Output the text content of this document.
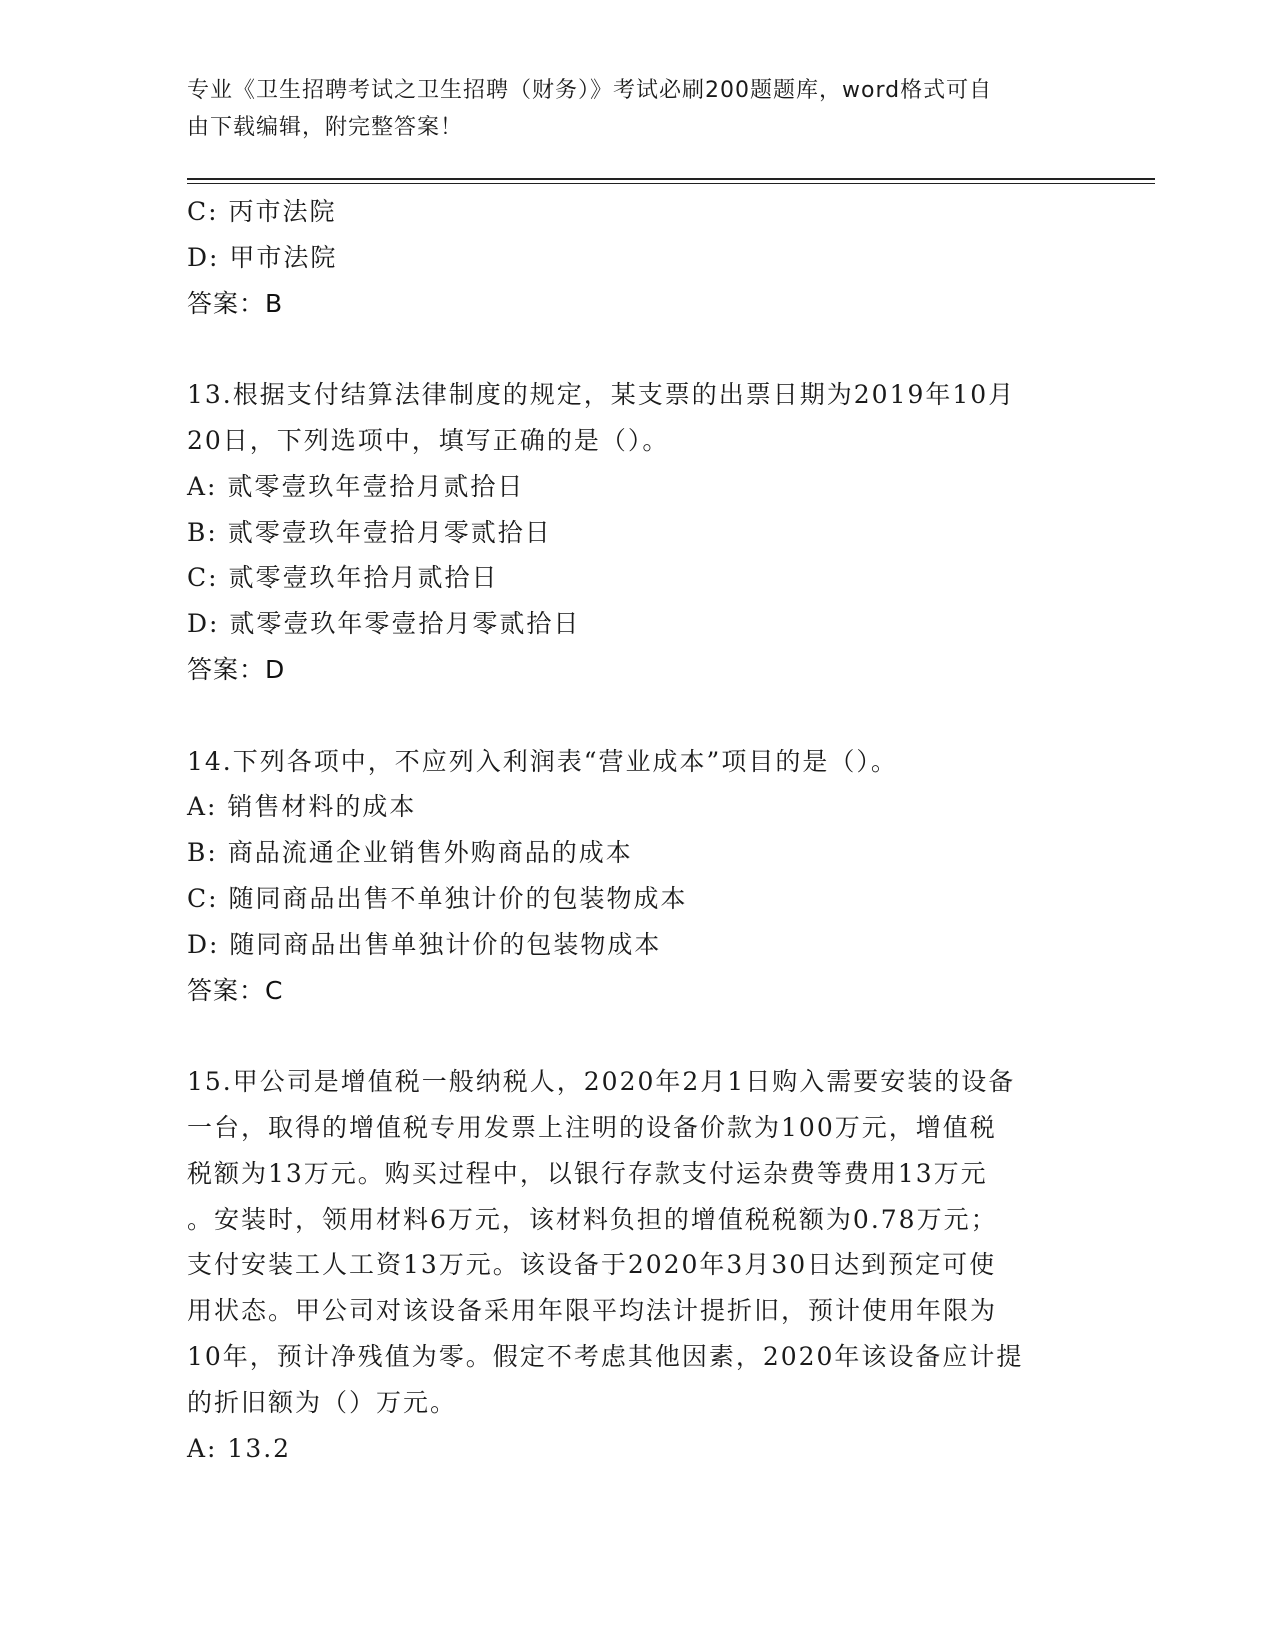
专业《卫生招聘考试之卫生招聘（财务）》考试必刷200题题库，word格式可自
由下载编辑，附完整答案！
C: 丙市法院
D: 甲市法院
答案：B
13.根据支付结算法律制度的规定，某支票的出票日期为2019年10月
20日，下列选项中，填写正确的是（）。
A: 贰零壹玖年壹拾月贰拾日
B: 贰零壹玖年壹拾月零贰拾日
C: 贰零壹玖年拾月贰拾日
D: 贰零壹玖年零壹拾月零贰拾日
答案：D
14.下列各项中，不应列入利润表“营业成本”项目的是（）。
A: 销售材料的成本
B: 商品流通企业销售外购商品的成本
C: 随同商品出售不单独计价的包装物成本
D: 随同商品出售单独计价的包装物成本
答案：C
15.甲公司是增值税一般纳税人，2020年2月1日购入需要安装的设备
一台，取得的增值税专用发票上注明的设备价款为100万元，增值税
税额为13万元。购买过程中，以银行存款支付运杂费等费用13万元
。安装时，领用材料6万元，该材料负担的增值税税额为0.78万元；
支付安装工人工资13万元。该设备于2020年3月30日达到预定可使
用状态。甲公司对该设备采用年限平均法计提折旧，预计使用年限为
10年，预计净残值为零。假定不考虑其他因素，2020年该设备应计提
的折旧额为（）万元。
A: 13.2
